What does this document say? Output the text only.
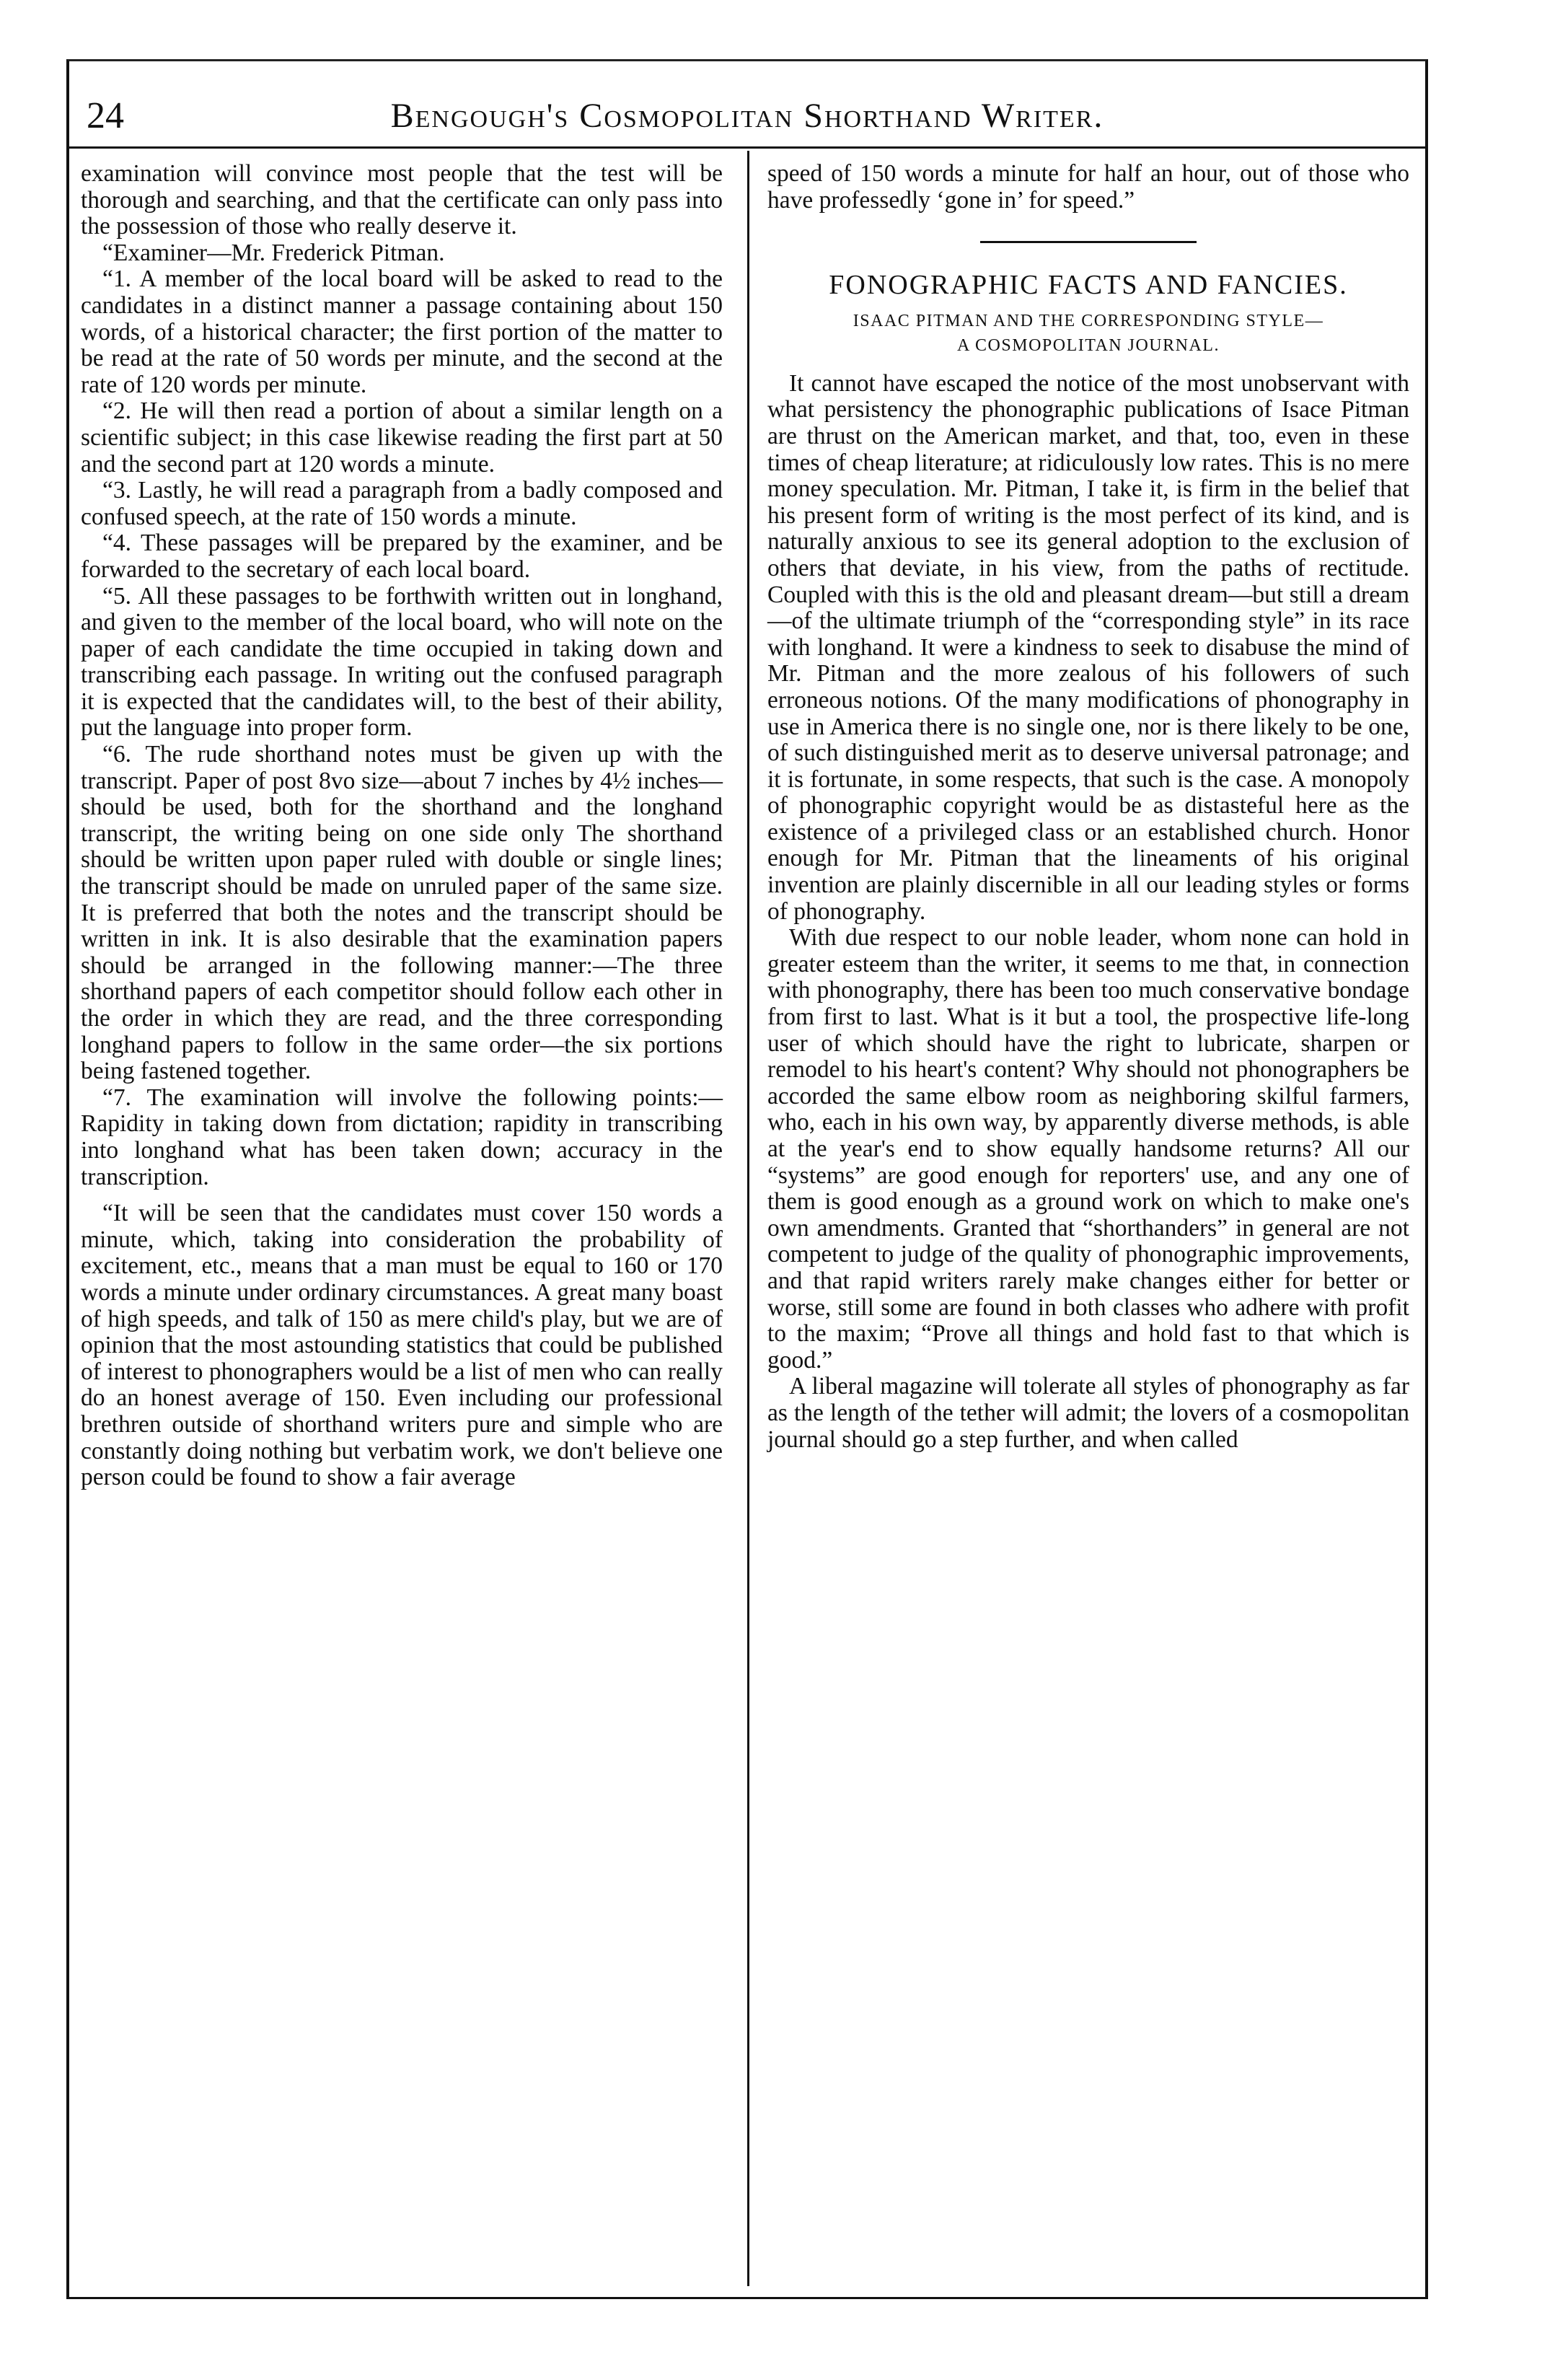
24	Bengough's Cosmopolitan Shorthand Writer.

examination will convince most people that the test will be thorough and searching, and that the certificate can only pass into the possession of those who really deserve it.

“Examiner—Mr. Frederick Pitman.

“1. A member of the local board will be asked to read to the candidates in a distinct manner a passage containing about 150 words, of a historical character; the first portion of the matter to be read at the rate of 50 words per minute, and the second at the rate of 120 words per minute.

“2. He will then read a portion of about a similar length on a scientific subject; in this case likewise reading the first part at 50 and the second part at 120 words a minute.

“3. Lastly, he will read a paragraph from a badly composed and confused speech, at the rate of 150 words a minute.

“4. These passages will be prepared by the examiner, and be forwarded to the secretary of each local board.

“5. All these passages to be forthwith written out in longhand, and given to the member of the local board, who will note on the paper of each candidate the time occupied in taking down and transcribing each passage. In writing out the confused paragraph it is expected that the candidates will, to the best of their ability, put the language into proper form.

“6. The rude shorthand notes must be given up with the transcript. Paper of post 8vo size—about 7 inches by 4½ inches—should be used, both for the shorthand and the longhand transcript, the writing being on one side only The shorthand should be written upon paper ruled with double or single lines; the transcript should be made on unruled paper of the same size. It is preferred that both the notes and the transcript should be written in ink. It is also desirable that the examination papers should be arranged in the following manner:—The three shorthand papers of each competitor should follow each other in the order in which they are read, and the three corresponding longhand papers to follow in the same order—the six portions being fastened together.

“7. The examination will involve the following points:—Rapidity in taking down from dictation; rapidity in transcribing into longhand what has been taken down; accuracy in the transcription.

“It will be seen that the candidates must cover 150 words a minute, which, taking into consideration the probability of excitement, etc., means that a man must be equal to 160 or 170 words a minute under ordinary circumstances. A great many boast of high speeds, and talk of 150 as mere child's play, but we are of opinion that the most astounding statistics that could be published of interest to phonographers would be a list of men who can really do an honest average of 150. Even including our professional brethren outside of shorthand writers pure and simple who are constantly doing nothing but verbatim work, we don't believe one person could be found to show a fair average

speed of 150 words a minute for half an hour, out of those who have professedly ‘gone in’ for speed.”

FONOGRAPHIC FACTS AND FANCIES.
ISAAC PITMAN AND THE CORRESPONDING STYLE—
A COSMOPOLITAN JOURNAL.

It cannot have escaped the notice of the most unobservant with what persistency the phonographic publications of Isace Pitman are thrust on the American market, and that, too, even in these times of cheap literature; at ridiculously low rates. This is no mere money speculation. Mr. Pitman, I take it, is firm in the belief that his present form of writing is the most perfect of its kind, and is naturally anxious to see its general adoption to the exclusion of others that deviate, in his view, from the paths of rectitude. Coupled with this is the old and pleasant dream—but still a dream—of the ultimate triumph of the “corresponding style” in its race with longhand. It were a kindness to seek to disabuse the mind of Mr. Pitman and the more zealous of his followers of such erroneous notions. Of the many modifications of phonography in use in America there is no single one, nor is there likely to be one, of such distinguished merit as to deserve universal patronage; and it is fortunate, in some respects, that such is the case. A monopoly of phonographic copyright would be as distasteful here as the existence of a privileged class or an established church. Honor enough for Mr. Pitman that the lineaments of his original invention are plainly discernible in all our leading styles or forms of phonography.

With due respect to our noble leader, whom none can hold in greater esteem than the writer, it seems to me that, in connection with phonography, there has been too much conservative bondage from first to last. What is it but a tool, the prospective life-long user of which should have the right to lubricate, sharpen or remodel to his heart's content? Why should not phonographers be accorded the same elbow room as neighboring skilful farmers, who, each in his own way, by apparently diverse methods, is able at the year's end to show equally handsome returns? All our “systems” are good enough for reporters' use, and any one of them is good enough as a ground work on which to make one's own amendments. Granted that “shorthanders” in general are not competent to judge of the quality of phonographic improvements, and that rapid writers rarely make changes either for better or worse, still some are found in both classes who adhere with profit to the maxim; “Prove all things and hold fast to that which is good.”

A liberal magazine will tolerate all styles of phonography as far as the length of the tether will admit; the lovers of a cosmopolitan journal should go a step further, and when called
